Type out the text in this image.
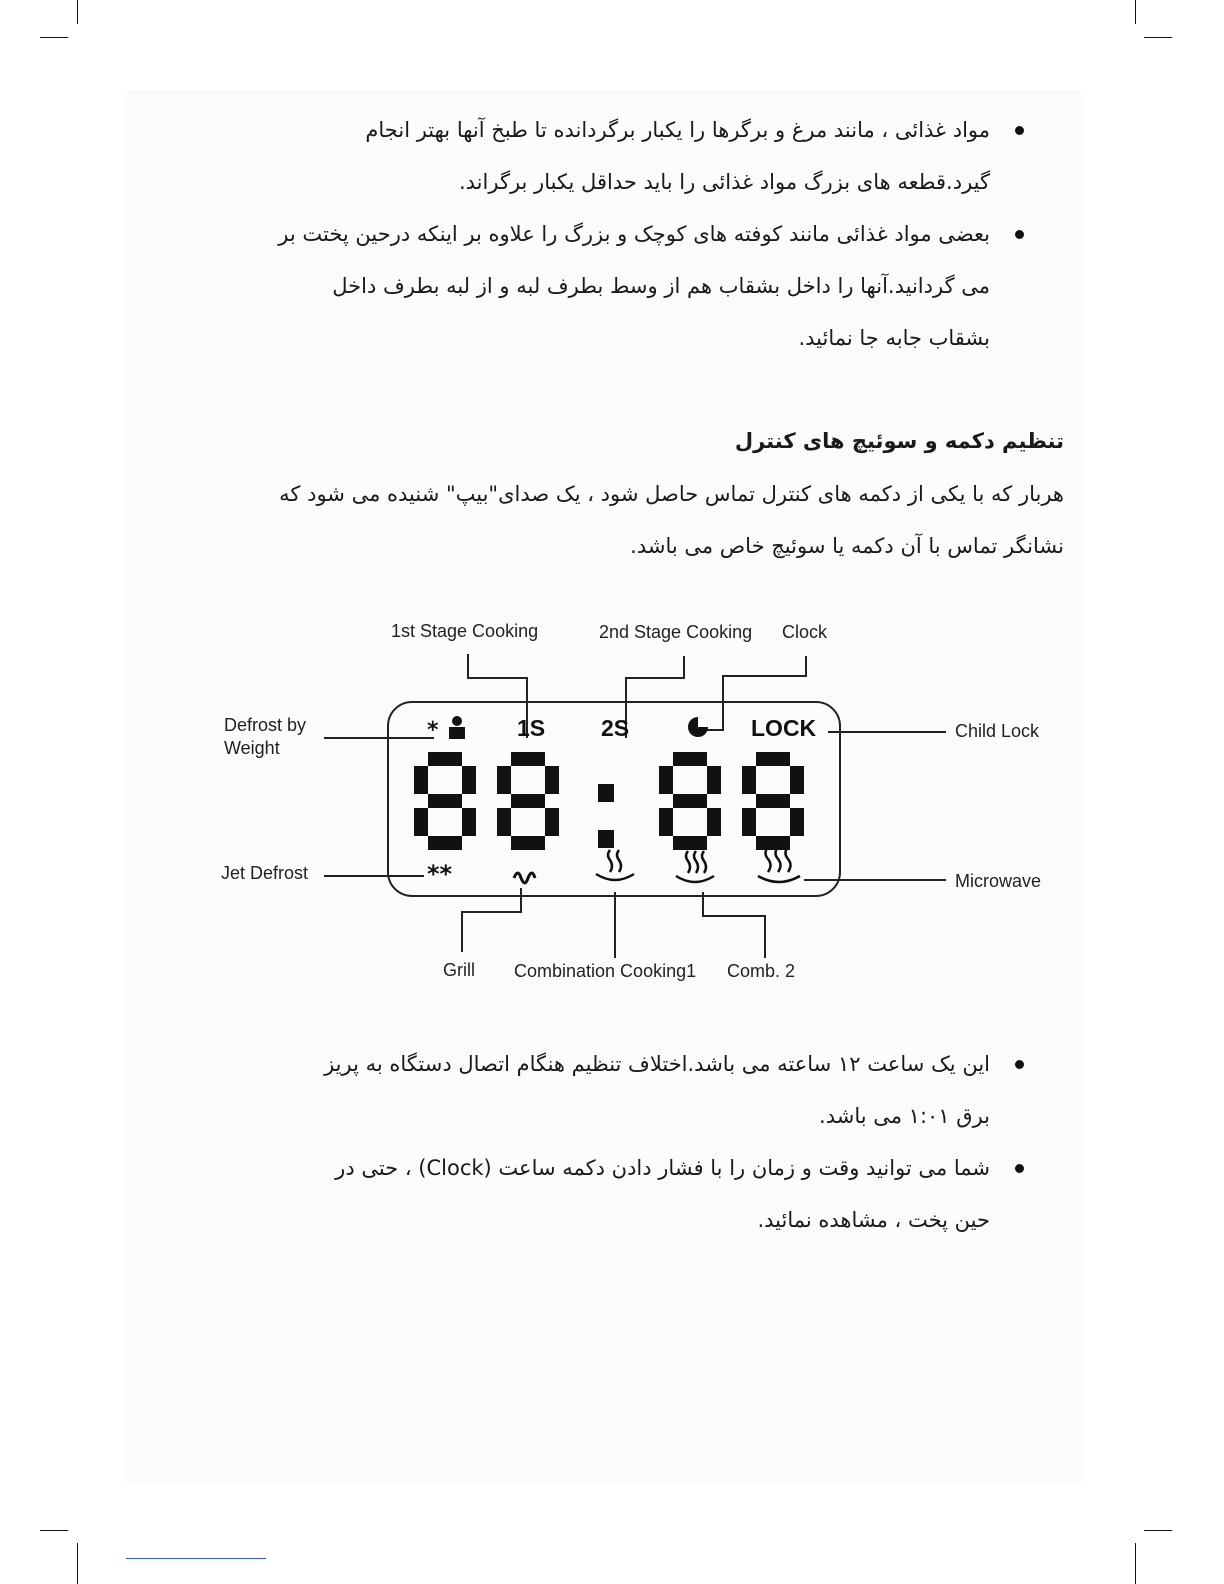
مواد غذائی ، مانند مرغ و برگرها را یکبار برگردانده تا طبخ آنها بهتر انجام گیرد.قطعه های بزرگ مواد غذائی را باید حداقل یکبار برگراند.
بعضی مواد غذائی مانند کوفته های کوچک و بزرگ را علاوه بر اینکه درحین پختت بر می گردانید.آنها را داخل بشقاب هم از وسط بطرف لبه و از لبه بطرف داخل بشقاب جابه جا نمائید.
تنظیم دکمه و سوئیچ های کنترل
هربار که با یکی از دکمه های کنترل تماس حاصل شود ، یک صدای"بیپ" شنیده می شود که نشانگر تماس با آن دکمه یا سوئیچ خاص می باشد.
*
**
1S 2S	LOCK
1st Stage Cooking	2nd Stage Cooking Clock
Defrost by
Weight
Child Lock
Jet Defrost	Microwave
Grill Combination Cooking1 Comb. 2
این یک ساعت ۱۲ ساعته می باشد.اختلاف تنظیم هنگام اتصال دستگاه به پریز برق ۱:۰۱ می باشد.
شما می توانید وقت و زمان را با فشار دادن دکمه ساعت (Clock) ، حتی در حین پخت ، مشاهده نمائید.
